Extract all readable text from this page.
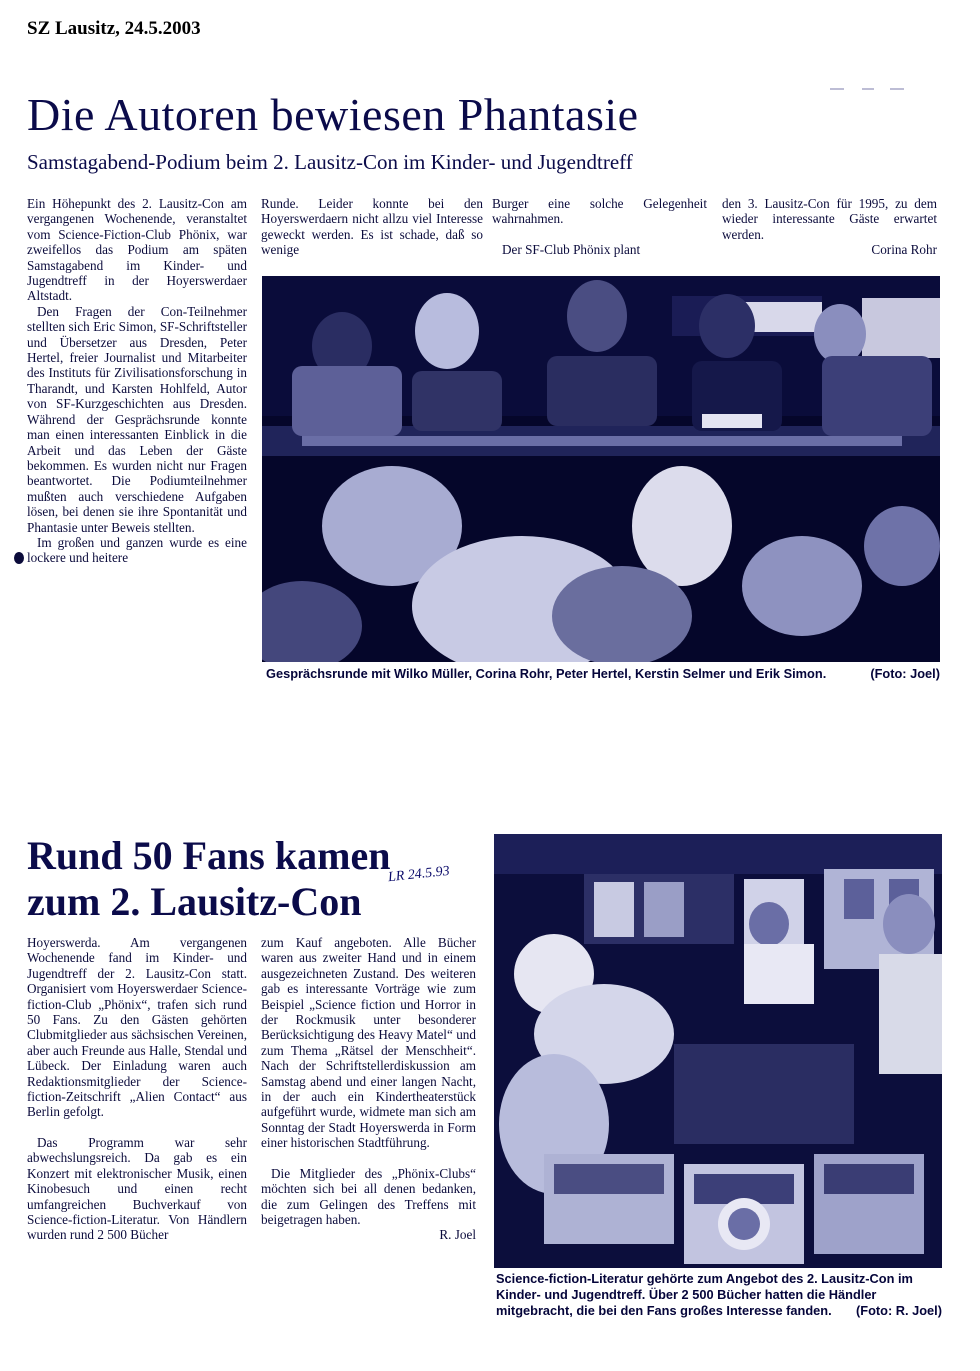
SZ Lausitz, 24.5.2003
Die Autoren bewiesen Phantasie
Samstagabend-Podium beim 2. Lausitz-Con im Kinder- und Jugendtreff

Ein Höhepunkt des 2. Lausitz-Con am vergangenen Wochenende, veranstaltet vom Science-Fiction-Club Phönix, war zweifellos das Podium am späten Samstagabend im Kinder- und Jugendtreff in der Hoyerswerdaer Altstadt.

Den Fragen der Con-Teilnehmer stellten sich Eric Simon, SF-Schriftsteller und Übersetzer aus Dresden, Peter Hertel, freier Journalist und Mitarbeiter des Instituts für Zivilisationsforschung in Tharandt, und Karsten Hohlfeld, Autor von SF-Kurzgeschichten aus Dresden. Während der Gesprächsrunde konnte man einen interessanten Einblick in die Arbeit und das Leben der Gäste bekommen. Es wurden nicht nur Fragen beantwortet. Die Podiumteilnehmer mußten auch verschiedene Aufgaben lösen, bei denen sie ihre Spontanität und Phantasie unter Beweis stellten.

Im großen und ganzen wurde es eine lockere und heitere

Runde. Leider konnte bei den Hoyerswerdaern nicht allzu viel Interesse geweckt werden. Es ist schade, daß so wenige

Burger eine solche Gelegenheit wahrnahmen.

Der SF-Club Phönix plant

den 3. Lausitz-Con für 1995, zu dem wieder interessante Gäste erwartet werden.

Corina Rohr
Gesprächsrunde mit Wilko Müller, Corina Rohr, Peter Hertel, Kerstin Selmer und Erik Simon.	(Foto: Joel)
Rund 50 Fans kamen
zum 2. Lausitz-Con
LR 24.5.93

Hoyerswerda. Am vergangenen Wochenende fand im Kinder- und Jugendtreff der 2. Lausitz-Con statt. Organisiert vom Hoyerswerdaer Science-fiction-Club „Phönix“, trafen sich rund 50 Fans. Zu den Gästen gehörten Clubmitglieder aus sächsischen Vereinen, aber auch Freunde aus Halle, Stendal und Lübeck. Der Einladung waren auch Redaktionsmitglieder der Science-fiction-Zeitschrift „Alien Contact“ aus Berlin gefolgt.

Das Programm war sehr abwechslungsreich. Da gab es ein Konzert mit elektronischer Musik, einen Kinobesuch und einen recht umfangreichen Buchverkauf von Science-fiction-Literatur. Von Händlern wurden rund 2 500 Bücher

zum Kauf angeboten. Alle Bücher waren aus zweiter Hand und in einem ausgezeichneten Zustand. Des weiteren gab es interessante Vorträge wie zum Beispiel „Science fiction und Horror in der Rockmusik unter besonderer Berücksichtigung des Heavy Matel“ und zum Thema „Rätsel der Menschheit“. Nach der Schriftstellerdiskussion am Samstag abend und einer langen Nacht, in der auch ein Kindertheaterstück aufgeführt wurde, widmete man sich am Sonntag der Stadt Hoyerswerda in Form einer historischen Stadtführung.

Die Mitglieder des „Phönix-Clubs“ möchten sich bei all denen bedanken, die zum Gelingen des Treffens mit beigetragen haben.

R. Joel
Science-fiction-Literatur gehörte zum Angebot des 2. Lausitz-Con im Kinder- und Jugendtreff. Über 2 500 Bücher hatten die Händler mitgebracht, die bei den Fans großes Interesse fanden. (Foto: R. Joel)
